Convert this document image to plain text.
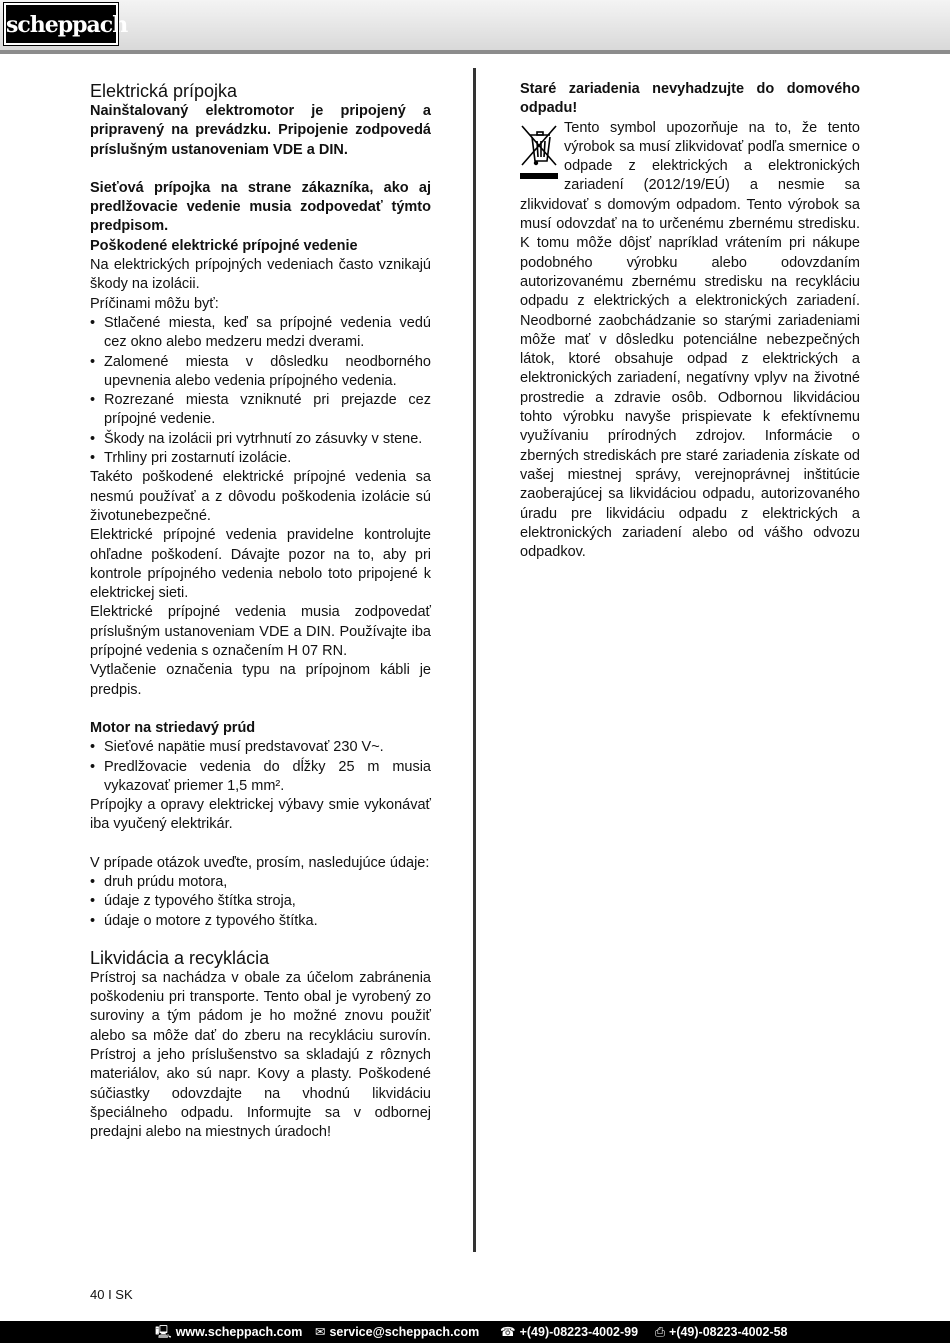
scheppach
Elektrická prípojka

Nainštalovaný elektromotor je pripojený a pripravený na prevádzku. Pripojenie zodpovedá príslušným ustanoveniam VDE a DIN.

Sieťová prípojka na strane zákazníka, ako aj predlžovacie vedenie musia zodpovedať týmto predpisom.

Poškodené elektrické prípojné vedenie

Na elektrických prípojných vedeniach často vznikajú škody na izolácii.

Príčinami môžu byť:

• Stlačené miesta, keď sa prípojné vedenia vedú cez okno alebo medzeru medzi dverami.
• Zalomené miesta v dôsledku neodborného upevnenia alebo vedenia prípojného vedenia.
• Rozrezané miesta vzniknuté pri prejazde cez prípojné vedenie.
• Škody na izolácii pri vytrhnutí zo zásuvky v stene.
• Trhliny pri zostarnutí izolácie.

Takéto poškodené elektrické prípojné vedenia sa nesmú používať a z dôvodu poškodenia izolácie sú životunebezpečné.

Elektrické prípojné vedenia pravidelne kontrolujte ohľadne poškodení. Dávajte pozor na to, aby pri kontrole prípojného vedenia nebolo toto pripojené k elektrickej sieti.

Elektrické prípojné vedenia musia zodpovedať príslušným ustanoveniam VDE a DIN. Používajte iba prípojné vedenia s označením H 07 RN.

Vytlačenie označenia typu na prípojnom kábli je predpis.

Motor na striedavý prúd

• Sieťové napätie musí predstavovať 230 V~.
• Predlžovacie vedenia do dĺžky 25 m musia vykazovať priemer 1,5 mm².

Prípojky a opravy elektrickej výbavy smie vykonávať iba vyučený elektrikár.

V prípade otázok uveďte, prosím, nasledujúce údaje:

• druh prúdu motora,
• údaje z typového štítka stroja,
• údaje o motore z typového štítka.
Likvidácia a recyklácia

Prístroj sa nachádza v obale za účelom zabránenia poškodeniu pri transporte. Tento obal je vyrobený zo suroviny a tým pádom je ho možné znovu použiť alebo sa môže dať do zberu na recykláciu surovín. Prístroj a jeho príslušenstvo sa skladajú z rôznych materiálov, ako sú napr. Kovy a plasty. Poškodené súčiastky odovzdajte na vhodnú likvidáciu špeciálneho odpadu. Informujte sa v odbornej predajni alebo na miestnych úradoch!

Staré zariadenia nevyhadzujte do domového odpadu!

Tento symbol upozorňuje na to, že tento výrobok sa musí zlikvidovať podľa smernice o odpade z elektrických a elektronických zariadení (2012/19/EÚ) a nesmie sa zlikvidovať s domovým odpadom. Tento výrobok sa musí odovzdať na to určenému zbernému stredisku. K tomu môže dôjsť napríklad vrátením pri nákupe podobného výrobku alebo odovzdaním autorizovanému zbernému stredisku na recykláciu odpadu z elektrických a elektronických zariadení. Neodborné zaobchádzanie so starými zariadeniami môže mať v dôsledku potenciálne nebezpečných látok, ktoré obsahuje odpad z elektrických a elektronických zariadení, negatívny vplyv na životné prostredie a zdravie osôb. Odbornou likvidáciou tohto výrobku navyše prispievate k efektívnemu využívaniu prírodných zdrojov. Informácie o zberných strediskách pre staré zariadenia získate od vašej miestnej správy, verejnoprávnej inštitúcie zaoberajúcej sa likvidáciou odpadu, autorizovaného úradu pre likvidáciu odpadu z elektrických a elektronických zariadení alebo od vášho odvozu odpadkov.

40 I SK
🖳 www.scheppach.com ✉ service@scheppach.com ☎ +(49)-08223-4002-99 ⎙ +(49)-08223-4002-58
